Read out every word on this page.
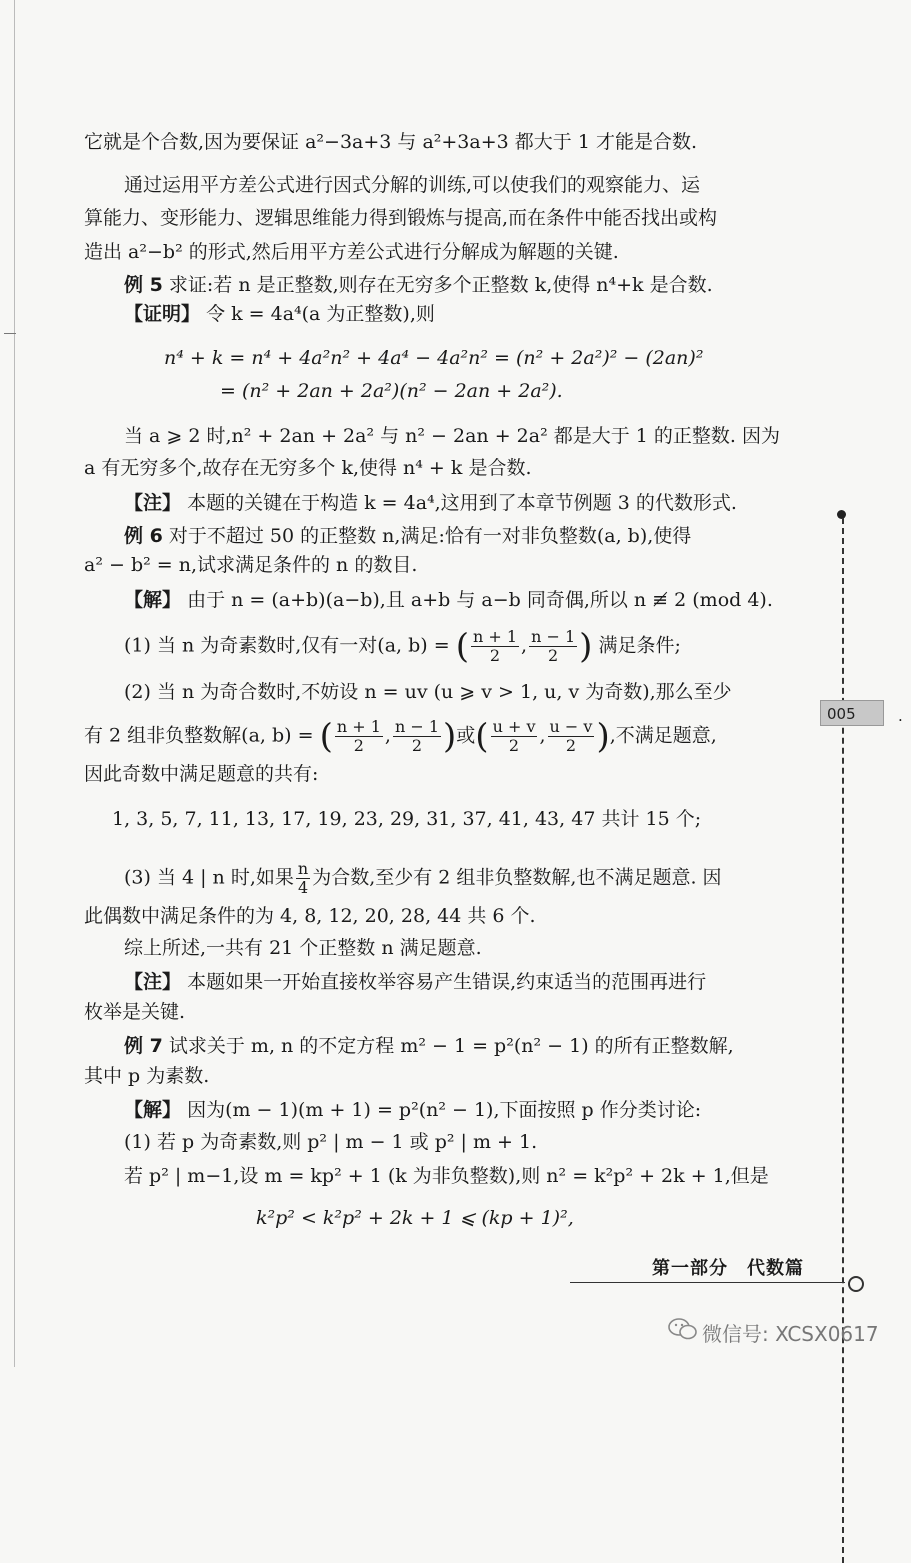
它就是个合数,因为要保证 a²−3a+3 与 a²+3a+3 都大于 1 才能是合数.
通过运用平方差公式进行因式分解的训练,可以使我们的观察能力、运
算能力、变形能力、逻辑思维能力得到锻炼与提高,而在条件中能否找出或构
造出 a²−b² 的形式,然后用平方差公式进行分解成为解题的关键.
例 5 求证:若 n 是正整数,则存在无穷多个正整数 k,使得 n⁴+k 是合数.
【证明】 令 k = 4a⁴(a 为正整数),则
n⁴ + k = n⁴ + 4a²n² + 4a⁴ − 4a²n² = (n² + 2a²)² − (2an)²
= (n² + 2an + 2a²)(n² − 2an + 2a²).
当 a ⩾ 2 时,n² + 2an + 2a² 与 n² − 2an + 2a² 都是大于 1 的正整数. 因为
a 有无穷多个,故存在无穷多个 k,使得 n⁴ + k 是合数.
【注】 本题的关键在于构造 k = 4a⁴,这用到了本章节例题 3 的代数形式.
例 6 对于不超过 50 的正整数 n,满足:恰有一对非负整数(a, b),使得
a² − b² = n,试求满足条件的 n 的数目.
【解】 由于 n = (a+b)(a−b),且 a+b 与 a−b 同奇偶,所以 n ≢ 2 (mod 4).
(1) 当 n 为奇素数时,仅有一对(a, b) = ( $\frac{n + 1}{2}$ , $\frac{n - 1}{2}$ ) 满足条件;
(2) 当 n 为奇合数时,不妨设 n = uv (u ⩾ v > 1, u, v 为奇数),那么至少
有 2 组非负整数解(a, b) = ( $\frac{n + 1}{2}$ , $\frac{n - 1}{2}$ )或( $\frac{u + v}{2}$ , $\frac{u - v}{2}$ ),不满足题意,
因此奇数中满足题意的共有:
1, 3, 5, 7, 11, 13, 17, 19, 23, 29, 31, 37, 41, 43, 47 共计 15 个;
(3) 当 4 | n 时,如果 $\frac{n}{4}$ 为合数,至少有 2 组非负整数解,也不满足题意. 因
此偶数中满足条件的为 4, 8, 12, 20, 28, 44 共 6 个.
综上所述,一共有 21 个正整数 n 满足题意.
【注】 本题如果一开始直接枚举容易产生错误,约束适当的范围再进行
枚举是关键.
例 7 试求关于 m, n 的不定方程 m² − 1 = p²(n² − 1) 的所有正整数解,
其中 p 为素数.
【解】 因为(m − 1)(m + 1) = p²(n² − 1),下面按照 p 作分类讨论:
(1) 若 p 为奇素数,则 p² | m − 1 或 p² | m + 1.
若 p² | m−1,设 m = kp² + 1 (k 为非负整数),则 n² = k²p² + 2k + 1,但是
k²p² < k²p² + 2k + 1 ⩽ (kp + 1)²,
005	.
第一部分　代数篇
微信号: XCSX0617
